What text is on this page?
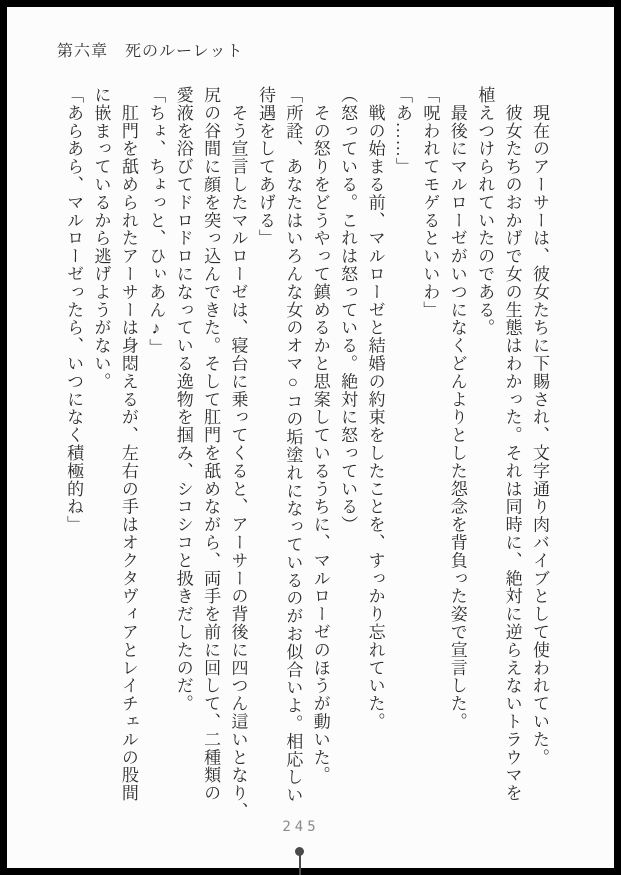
第六章　死のルーレット

　現在のアーサーは、彼女たちに下賜され、文字通り肉バイブとして使われていた。

　彼女たちのおかげで女の生態はわかった。それは同時に、絶対に逆らえないトラウマを

植えつけられていたのである。

　最後にマルローゼがいつになくどんよりとした怨念を背負った姿で宣言した。

「呪われてモゲるといいわ」

「あ……」

　戦の始まる前、マルローゼと結婚の約束をしたことを、すっかり忘れていた。

（怒っている。これは怒っている。絶対に怒っている）

　その怒りをどうやって鎮めるかと思案しているうちに、マルローゼのほうが動いた。

「所詮、あなたはいろんな女のオマ○コの垢塗れになっているのがお似合いよ。相応しい

待遇をしてあげる」

　そう宣言したマルローゼは、寝台に乗ってくると、アーサーの背後に四つん這いとなり、

尻の谷間に顔を突っ込んできた。そして肛門を舐めながら、両手を前に回して、二種類の

愛液を浴びてドロドロになっている逸物を掴み、シコシコと扱きだしたのだ。

「ちょ、ちょっと、ひぃあん♪」

　肛門を舐められたアーサーは身悶えるが、左右の手はオクタヴィアとレイチェルの股間

に嵌まっているから逃げようがない。

「あらあら、マルローゼったら、いつになく積極的ね」

245
